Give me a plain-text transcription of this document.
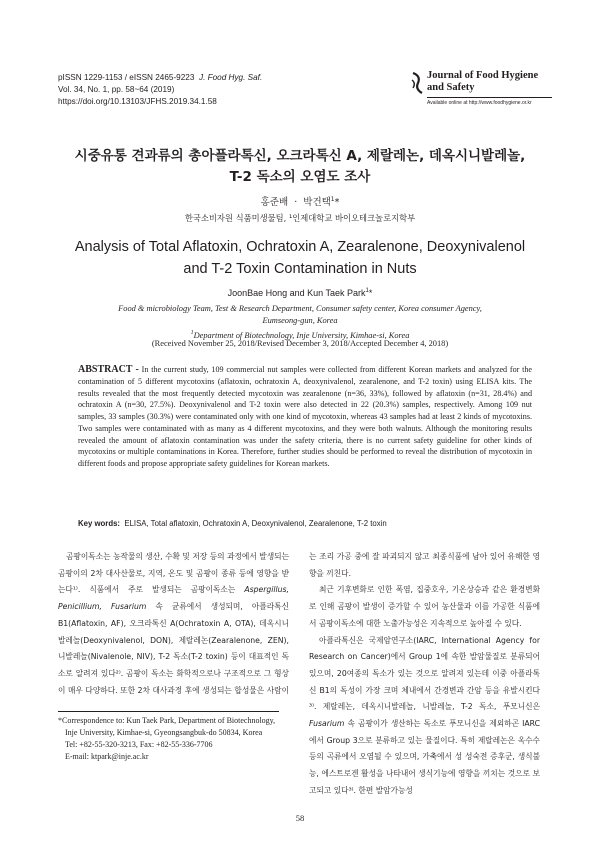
pISSN 1229-1153 / eISSN 2465-9223 J. Food Hyg. Saf.
Vol. 34, No. 1, pp. 58~64 (2019)
https://doi.org/10.13103/JFHS.2019.34.1.58
Journal of Food Hygiene
and Safety
Available online at http://www.foodhygiene.or.kr
시중유통 견과류의 총아플라톡신, 오크라톡신 A, 제랄레논, 데옥시니발레놀,
T-2 독소의 오염도 조사
홍준배 · 박건택$^1$*
한국소비자원 식품미생물팀, ¹인제대학교 바이오테크놀로지학부
Analysis of Total Aflatoxin, Ochratoxin A, Zearalenone, Deoxynivalenol
and T-2 Toxin Contamination in Nuts
JoonBae Hong and Kun Taek Park$^1$*
Food & microbiology Team, Test & Research Department, Consumer safety center, Korea consumer Agency,
Eumseong-gun, Korea
$^1$Department of Biotechnology, Inje University, Kimhae-si, Korea
(Received November 25, 2018/Revised December 3, 2018/Accepted December 4, 2018)
ABSTRACT - In the current study, 109 commercial nut samples were collected from different Korean markets and analyzed for the contamination of 5 different mycotoxins (aflatoxin, ochratoxin A, deoxynivalenol, zearalenone, and T-2 toxin) using ELISA kits. The results revealed that the most frequently detected mycotoxin was zearalenone (n=36, 33%), followed by aflatoxin (n=31, 28.4%) and ochratoxin A (n=30, 27.5%). Deoxynivalenol and T-2 toxin were also detected in 22 (20.3%) samples, respectively. Among 109 nut samples, 33 samples (30.3%) were contaminated only with one kind of mycotoxin, whereas 43 samples had at least 2 kinds of mycotoxins. Two samples were contaminated with as many as 4 different mycotoxins, and they were both walnuts. Although the monitoring results revealed the amount of aflatoxin contamination was under the safety criteria, there is no current safety guideline for other kinds of mycotoxins or multiple contaminations in Korea. Therefore, further studies should be performed to reveal the distribution of mycotoxin in different foods and propose appropriate safety guidelines for Korean markets.
Key words: ELISA, Total aflatoxin, Ochratoxin A, Deoxynivalenol, Zearalenone, T-2 toxin

곰팡이독소는 농작물의 생산, 수확 및 저장 등의 과정에서 발생되는 곰팡이의 2차 대사산물로, 지역, 온도 및 곰팡이 종류 등에 영향을 받는다¹⁾. 식품에서 주로 발생되는 곰팡이독소는 Aspergillus, Penicillium, Fusarium 속 균류에서 생성되며, 아플라톡신 B1(Aflatoxin, AF), 오크라톡신 A(Ochratoxin A, OTA), 데옥시니발레놀(Deoxynivalenol, DON), 제랄레논(Zearalenone, ZEN), 니발레놀(Nivalenole, NIV), T-2 독소(T-2 toxin) 등이 대표적인 독소로 알려져 있다²⁾. 곰팡이 독소는 화학적으로나 구조적으로 그 형상이 매우 다양하다. 또한 2차 대사과정 후에 생성되는 합성물은 사람이

는 조리 가공 중에 잘 파괴되지 않고 최종식품에 남아 있어 유해한 영향을 끼친다.

최근 기후변화로 인한 폭염, 집중호우, 기온상승과 같은 환경변화로 인해 곰팡이 발생이 증가할 수 있어 농산물과 이를 가공한 식품에서 곰팡이독소에 대한 노출가능성은 지속적으로 높아질 수 있다.

아플라톡신은 국제암연구소(IARC, International Agency for Research on Cancer)에서 Group 1에 속한 발암물질로 분류되어 있으며, 20여종의 독소가 있는 것으로 알려져 있는데 이중 아플라톡신 B1의 독성이 가장 크며 체내에서 간경변과 간암 등을 유발시킨다³⁾. 제랄레논, 데옥시니발레놀, 니발레놀, T-2 독소, 푸모니신은 Fusarium 속 곰팡이가 생산하는 독소로 푸모니신을 제외하곤 IARC에서 Group 3으로 분류하고 있는 물질이다. 특히 제랄레논은 옥수수 등의 곡류에서 오염될 수 있으며, 가축에서 성 성숙전 증후군, 생식불능, 에스트로겐 활성을 나타내어 생식기능에 영향을 끼치는 것으로 보고되고 있다³⁾. 한편 발암가능성

*Correspondence to: Kun Taek Park, Department of Biotechnology,
Inje University, Kimhae-si, Gyeongsangbuk-do 50834, Korea
Tel: +82-55-320-3213, Fax: +82-55-336-7706
E-mail: ktpark@inje.ac.kr
58
